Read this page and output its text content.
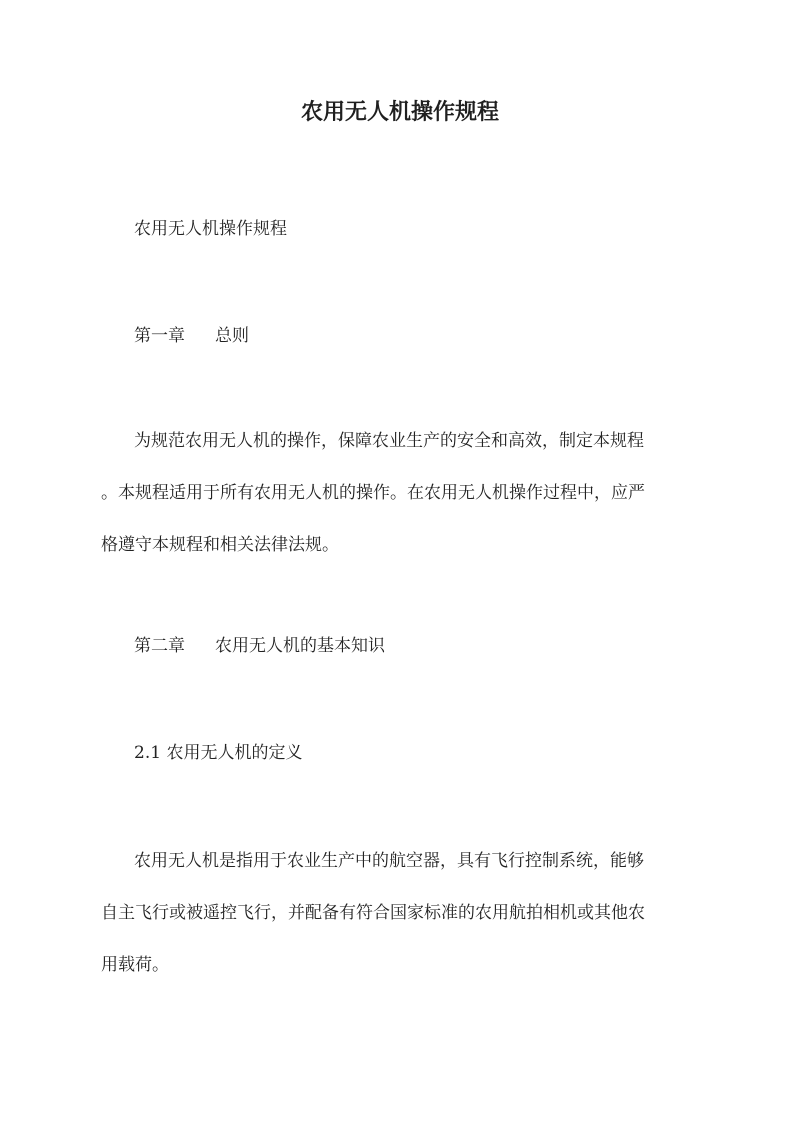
农用无人机操作规程

农用无人机操作规程

第一章 总则

为规范农用无人机的操作，保障农业生产的安全和高效，制定本规程
。本规程适用于所有农用无人机的操作。在农用无人机操作过程中，应严
格遵守本规程和相关法律法规。

第二章 农用无人机的基本知识

2.1 农用无人机的定义

农用无人机是指用于农业生产中的航空器，具有飞行控制系统，能够
自主飞行或被遥控飞行，并配备有符合国家标准的农用航拍相机或其他农
用载荷。
